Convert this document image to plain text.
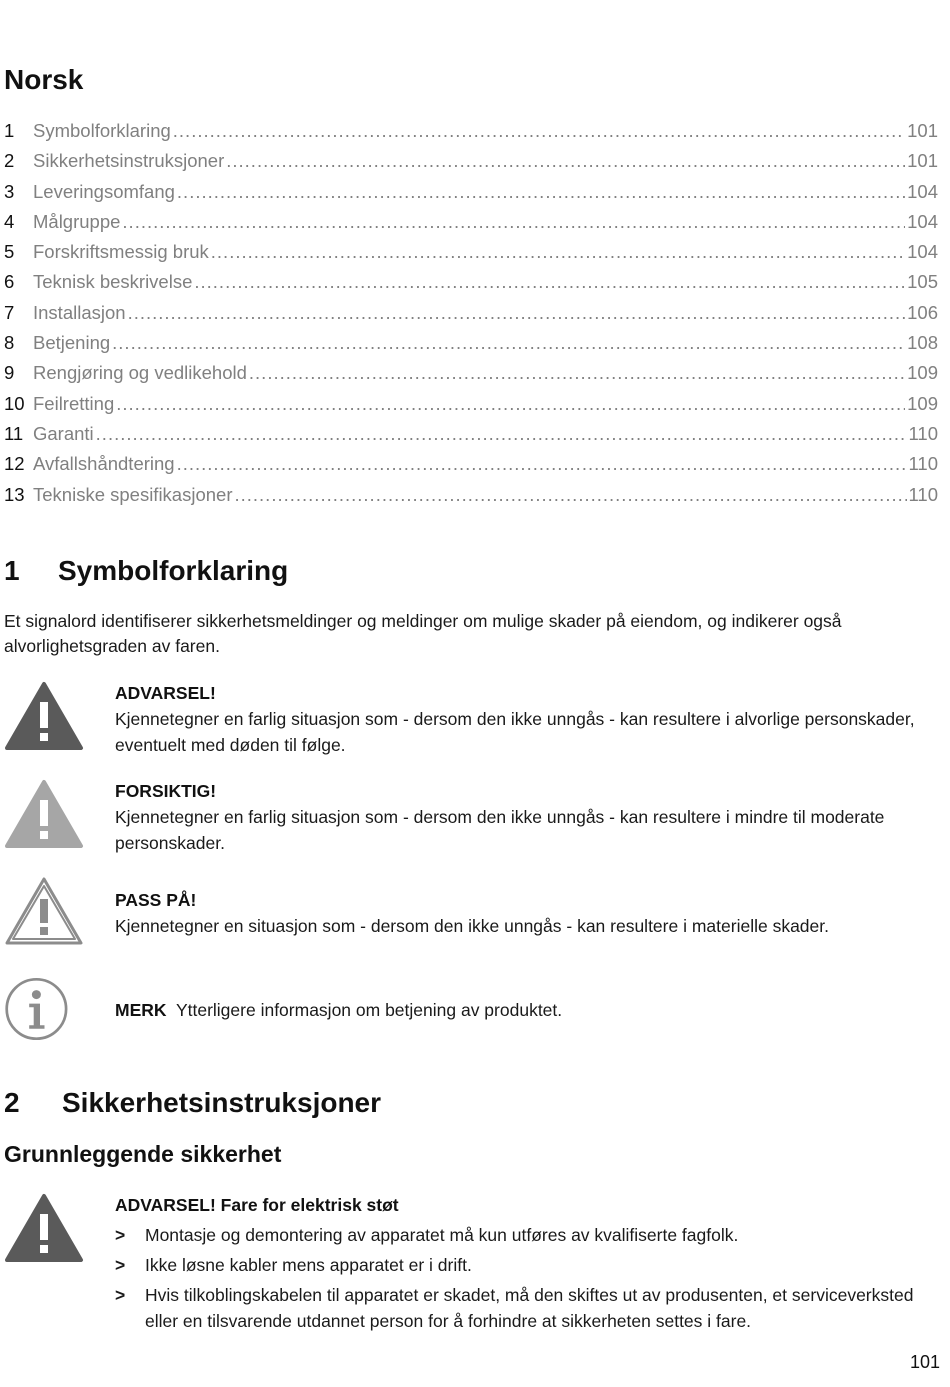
Norsk
1	Symbolforklaring .....	101
2	Sikkerhetsinstruksjoner .....	101
3	Leveringsomfang .....	104
4	Målgruppe .....	104
5	Forskriftsmessig bruk .....	104
6	Teknisk beskrivelse .....	105
7	Installasjon .....	106
8	Betjening .....	108
9	Rengjøring og vedlikehold .....	109
10 Feilretting .....	109
11 Garanti .....	110
12 Avfallshåndtering .....	110
13 Tekniske spesifikasjoner .....	110
1	Symbolforklaring

Et signalord identifiserer sikkerhetsmeldinger og meldinger om mulige skader på eiendom, og indikerer også alvorlighetsgraden av faren.

ADVARSEL!
Kjennetegner en farlig situasjon som - dersom den ikke unngås - kan resultere i alvorlige personskader, eventuelt med døden til følge.
FORSIKTIG!
Kjennetegner en farlig situasjon som - dersom den ikke unngås - kan resultere i mindre til moderate personskader.
PASS PÅ!
Kjennetegner en situasjon som - dersom den ikke unngås - kan resultere i materielle skader.
MERK Ytterligere informasjon om betjening av produktet.
2	Sikkerhetsinstruksjoner
Grunnleggende sikkerhet
ADVARSEL! Fare for elektrisk støt
> Montasje og demontering av apparatet må kun utføres av kvalifiserte fagfolk.
> Ikke løsne kabler mens apparatet er i drift.
> Hvis tilkoblingskabelen til apparatet er skadet, må den skiftes ut av produsenten, et serviceverksted eller en tilsvarende utdannet person for å forhindre at sikkerheten settes i fare.
101
